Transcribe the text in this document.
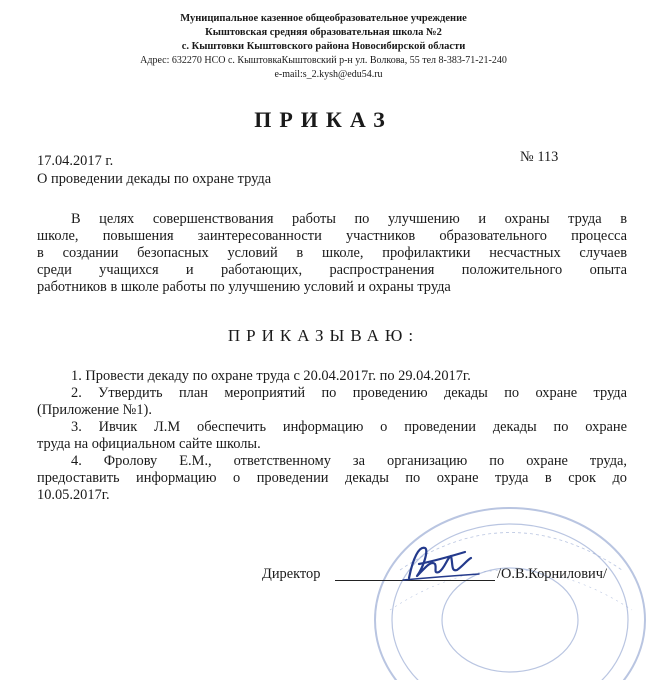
Муниципальное казенное общеобразовательное учреждение
Кыштовская средняя образовательная школа №2
с. Кыштовки Кыштовского района Новосибирской области
Адрес: 632270 НСО с. КыштовкаКыштовский р-н ул. Волкова, 55 тел 8-383-71-21-240
e-mail:s_2.kysh@edu54.ru
ПРИКАЗ
17.04.2017 г.	№ 113
О проведении декады по охране труда
В целях совершенствования работы по улучшению и охраны труда в
школе, повышения заинтересованности участников образовательного процесса
в создании безопасных условий в школе, профилактики несчастных случаев
среди учащихся и работающих, распространения положительного опыта
работников в школе работы по улучшению условий и охраны труда
ПРИКАЗЫВАЮ:
1. Провести декаду по охране труда с 20.04.2017г. по 29.04.2017г.
2. Утвердить план мероприятий по проведению декады по охране труда
(Приложение №1).
3. Ивчик Л.М обеспечить информацию о проведении декады по охране
труда на официальном сайте школы.
4. Фролову Е.М., ответственному за организацию по охране труда,
предоставить информацию о проведении декады по охране труда в срок до
10.05.2017г.
Директор	/О.В.Корнилович/
